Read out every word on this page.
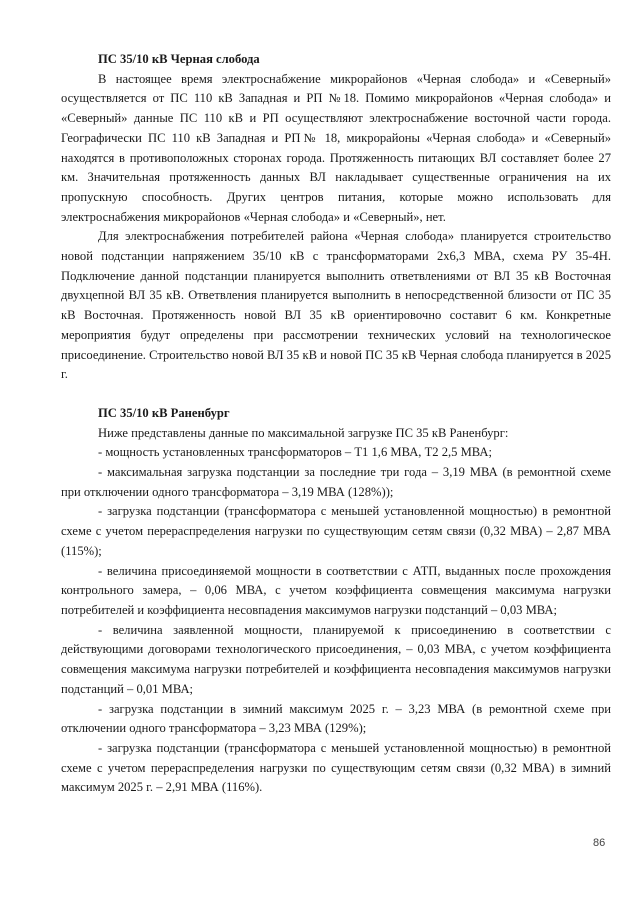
ПС 35/10 кВ Черная слобода

В настоящее время электроснабжение микрорайонов «Черная слобода» и «Северный» осуществляется от ПС 110 кВ Западная и РП №18. Помимо микрорайонов «Черная слобода» и «Северный» данные ПС 110 кВ и РП осуществляют электроснабжение восточной части города. Географически ПС 110 кВ Западная и РП№ 18, микрорайоны «Черная слобода» и «Северный» находятся в противоположных сторонах города. Протяженность питающих ВЛ составляет более 27 км. Значительная протяженность данных ВЛ накладывает существенные ограничения на их пропускную способность. Других центров питания, которые можно использовать для электроснабжения микрорайонов «Черная слобода» и «Северный», нет.

Для электроснабжения потребителей района «Черная слобода» планируется строительство новой подстанции напряжением 35/10 кВ с трансформаторами 2х6,3 МВА, схема РУ 35-4Н. Подключение данной подстанции планируется выполнить ответвлениями от ВЛ 35 кВ Восточная двухцепной ВЛ 35 кВ. Ответвления планируется выполнить в непосредственной близости от ПС 35 кВ Восточная. Протяженность новой ВЛ 35 кВ ориентировочно составит 6 км. Конкретные мероприятия будут определены при рассмотрении технических условий на технологическое присоединение. Строительство новой ВЛ 35 кВ и новой ПС 35 кВ Черная слобода планируется в 2025 г.

ПС 35/10 кВ Раненбург

Ниже представлены данные по максимальной загрузке ПС 35 кВ Раненбург:

- мощность установленных трансформаторов – Т1 1,6 МВА, Т2 2,5 МВА;

- максимальная загрузка подстанции за последние три года – 3,19 МВА (в ремонтной схеме при отключении одного трансформатора – 3,19 МВА (128%));

- загрузка подстанции (трансформатора с меньшей установленной мощностью) в ремонтной схеме с учетом перераспределения нагрузки по существующим сетям связи (0,32 МВА) – 2,87 МВА (115%);

- величина присоединяемой мощности в соответствии с АТП, выданных после прохождения контрольного замера, – 0,06 МВА, с учетом коэффициента совмещения максимума нагрузки потребителей и коэффициента несовпадения максимумов нагрузки подстанций – 0,03 МВА;

- величина заявленной мощности, планируемой к присоединению в соответствии с действующими договорами технологического присоединения, – 0,03 МВА, с учетом коэффициента совмещения максимума нагрузки потребителей и коэффициента несовпадения максимумов нагрузки подстанций – 0,01 МВА;

- загрузка подстанции в зимний максимум 2025 г. – 3,23 МВА (в ремонтной схеме при отключении одного трансформатора – 3,23 МВА (129%);

- загрузка подстанции (трансформатора с меньшей установленной мощностью) в ремонтной схеме с учетом перераспределения нагрузки по существующим сетям связи (0,32 МВА) в зимний максимум 2025 г. – 2,91 МВА (116%).

86
